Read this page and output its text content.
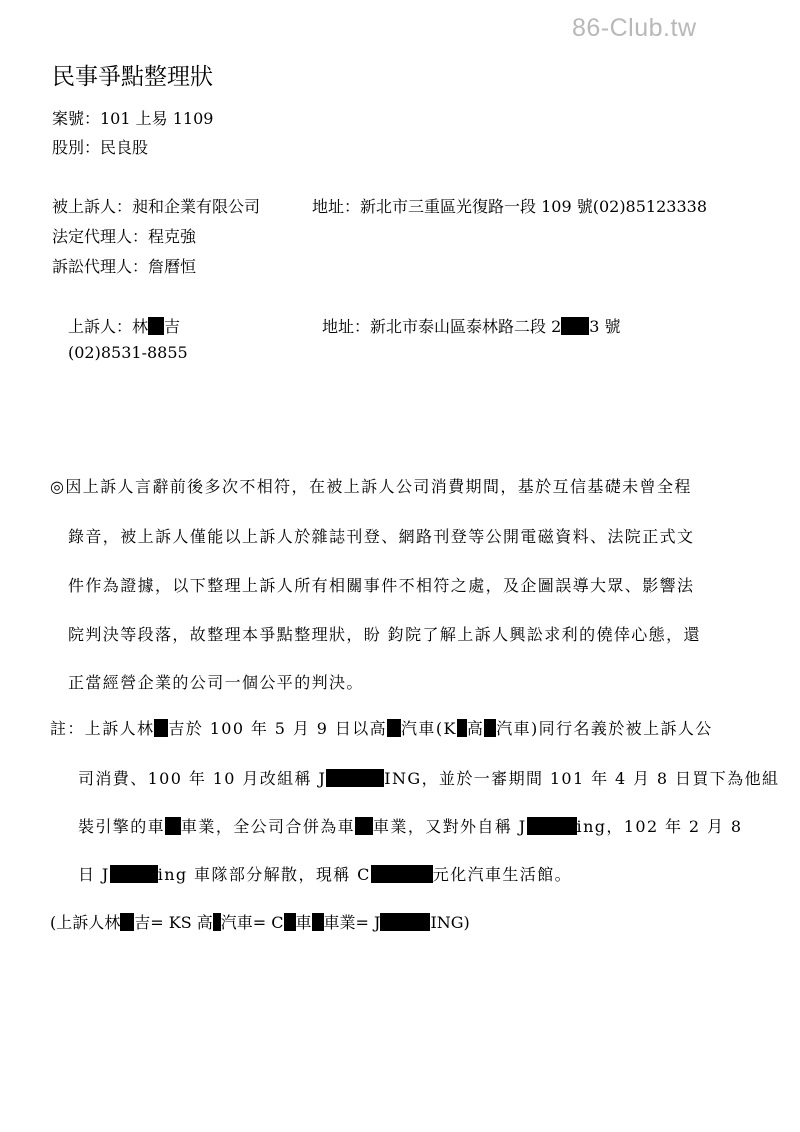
86-Club.tw
民事爭點整理狀
案號：101 上易 1109
股別：民良股
被上訴人：昶和企業有限公司	地址：新北市三重區光復路一段 109 號(02)85123338
法定代理人：程克強
訴訟代理人：詹曆恒
上訴人：林 吉	地址：新北市泰山區泰林路二段 2 3 號
(02)8531-8855
◎因上訴人言辭前後多次不相符，在被上訴人公司消費期間，基於互信基礎未曾全程
錄音，被上訴人僅能以上訴人於雜誌刊登、網路刊登等公開電磁資料、法院正式文
件作為證據，以下整理上訴人所有相關事件不相符之處，及企圖誤導大眾、影響法
院判決等段落，故整理本爭點整理狀，盼 鈞院了解上訴人興訟求利的僥倖心態，還
正當經營企業的公司一個公平的判決。
註：上訴人林 吉於 100 年 5 月 9 日以高 汽車(K 高 汽車)同行名義於被上訴人公
司消費、100 年 10 月改組稱 J	ING，並於一審期間 101 年 4 月 8 日買下為他組
裝引擎的車 車業，全公司合併為車 車業，又對外自稱 J	ing，102 年 2 月 8
日 J	ing 車隊部分解散，現稱 C	元化汽車生活館。
(上訴人林 吉= KS 高 汽車= C 車 車業= J	ING)
